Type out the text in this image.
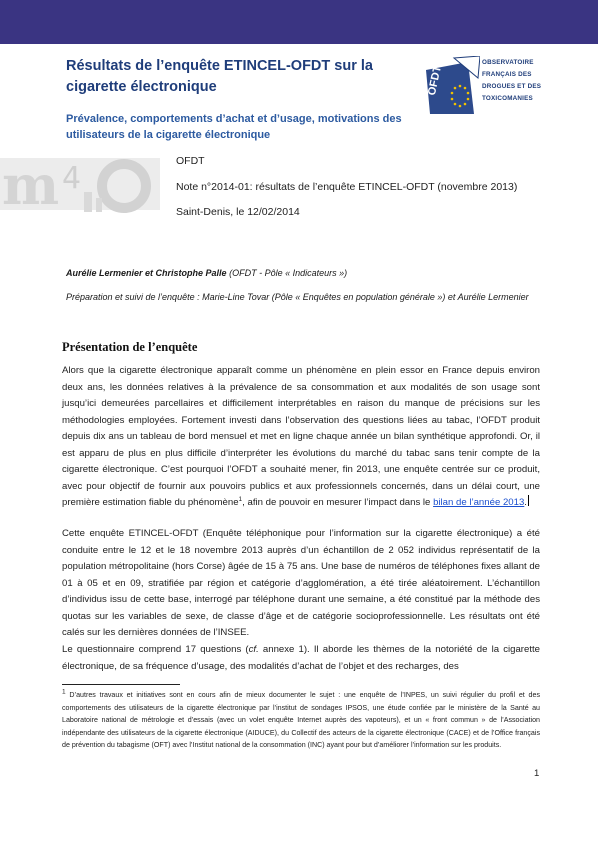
Résultats de l’enquête ETINCEL-OFDT sur la cigarette électronique
Prévalence, comportements d’achat et d’usage, motivations des utilisateurs de la cigarette électronique
OFDT
OBSERVATOIRE
FRANÇAIS DES
DROGUES ET DES
TOXICOMANIES
m 4	OFDT
Note n°2014-01: résultats de l’enquête ETINCEL-OFDT (novembre 2013)
Saint-Denis, le 12/02/2014
Aurélie Lermenier et Christophe Palle (OFDT - Pôle « Indicateurs »)
Préparation et suivi de l’enquête : Marie-Line Tovar (Pôle « Enquêtes en population générale ») et Aurélie Lermenier
Présentation de l’enquête
Alors que la cigarette électronique apparaît comme un phénomène en plein essor en France depuis environ deux ans, les données relatives à la prévalence de sa consommation et aux modalités de son usage sont jusqu’ici demeurées parcellaires et difficilement interprétables en raison du manque de précisions sur les méthodologies employées. Fortement investi dans l’observation des questions liées au tabac, l’OFDT produit depuis dix ans un tableau de bord mensuel et met en ligne chaque année un bilan synthétique approfondi. Or, il est apparu de plus en plus difficile d’interpréter les évolutions du marché du tabac sans tenir compte de la cigarette électronique. C’est pourquoi l’OFDT a souhaité mener, fin 2013, une enquête centrée sur ce produit, avec pour objectif de fournir aux pouvoirs publics et aux professionnels concernés, dans un délai court, une première estimation fiable du phénomène$^1$, afin de pouvoir en mesurer l’impact dans le bilan de l’année 2013.
Cette enquête ETINCEL-OFDT (Enquête téléphonique pour l’information sur la cigarette électronique) a été conduite entre le 12 et le 18 novembre 2013 auprès d’un échantillon de 2 052 individus représentatif de la population métropolitaine (hors Corse) âgée de 15 à 75 ans. Une base de numéros de téléphones fixes allant de 01 à 05 et en 09, stratifiée par région et catégorie d’agglomération, a été tirée aléatoirement. L’échantillon d’individus issu de cette base, interrogé par téléphone durant une semaine, a été constitué par la méthode des quotas sur les variables de sexe, de classe d’âge et de catégorie socioprofessionnelle. Les résultats ont été calés sur les dernières données de l’INSEE.
Le questionnaire comprend 17 questions (cf. annexe 1). Il aborde les thèmes de la notoriété de la cigarette électronique, de sa fréquence d’usage, des modalités d’achat de l’objet et des recharges, des
$^1$ D’autres travaux et initiatives sont en cours afin de mieux documenter le sujet : une enquête de l’INPES, un suivi régulier du profil et des comportements des utilisateurs de la cigarette électronique par l’institut de sondages IPSOS, une étude confiée par le ministère de la Santé au Laboratoire national de métrologie et d’essais (avec un volet enquête Internet auprès des vapoteurs), et un « front commun » de l’Association indépendante des utilisateurs de la cigarette électronique (AIDUCE), du Collectif des acteurs de la cigarette électronique (CACE) et de l’Office français de prévention du tabagisme (OFT) avec l’Institut national de la consommation (INC) ayant pour but d’améliorer l’information sur les produits.
1
